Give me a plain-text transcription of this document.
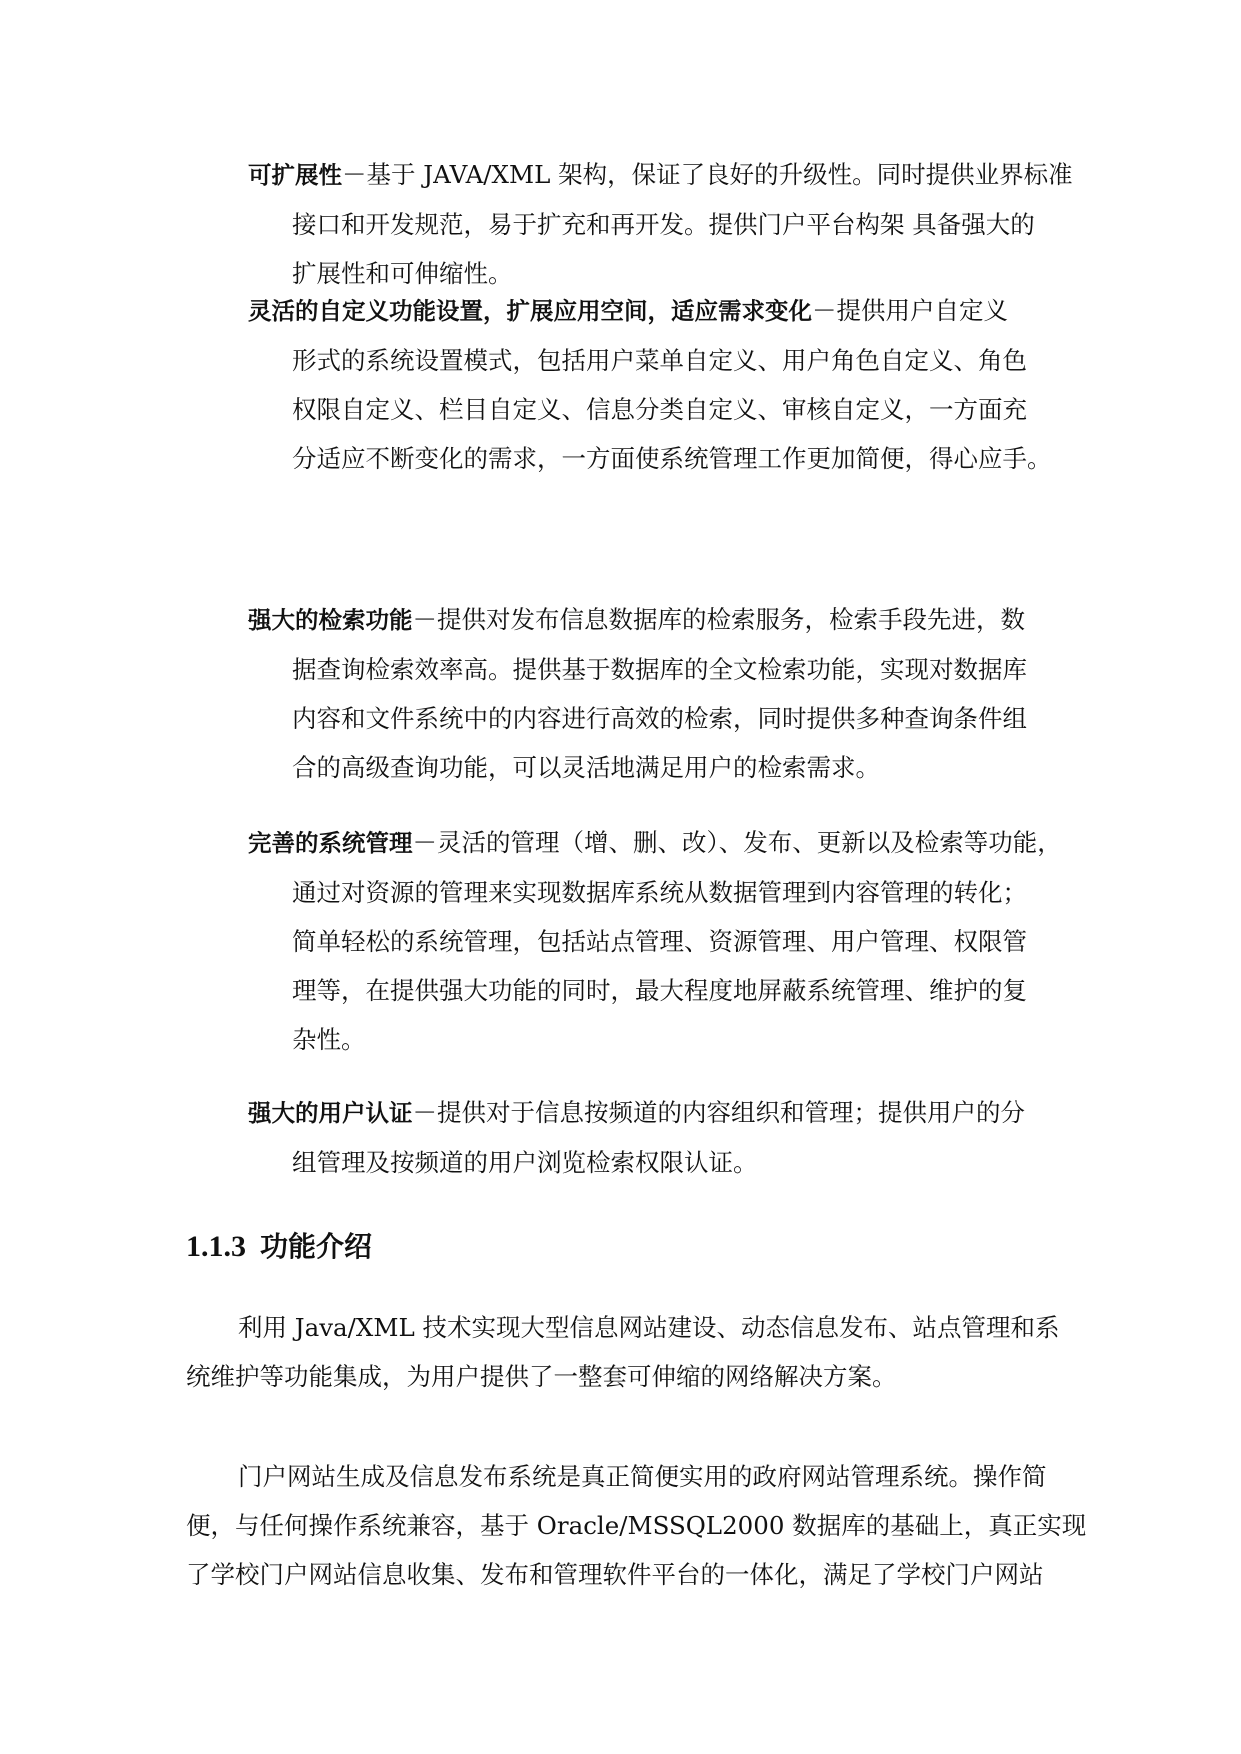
可扩展性－基于 JAVA/XML 架构，保证了良好的升级性。同时提供业界标准
接口和开发规范，易于扩充和再开发。提供门户平台构架 具备强大的
扩展性和可伸缩性。
灵活的自定义功能设置，扩展应用空间，适应需求变化－提供用户自定义
形式的系统设置模式，包括用户菜单自定义、用户角色自定义、角色
权限自定义、栏目自定义、信息分类自定义、审核自定义，一方面充
分适应不断变化的需求，一方面使系统管理工作更加简便，得心应手。
强大的检索功能－提供对发布信息数据库的检索服务，检索手段先进，数
据查询检索效率高。提供基于数据库的全文检索功能，实现对数据库
内容和文件系统中的内容进行高效的检索，同时提供多种查询条件组
合的高级查询功能，可以灵活地满足用户的检索需求。
完善的系统管理－灵活的管理（增、删、改）、发布、更新以及检索等功能，
通过对资源的管理来实现数据库系统从数据管理到内容管理的转化；
简单轻松的系统管理，包括站点管理、资源管理、用户管理、权限管
理等，在提供强大功能的同时，最大程度地屏蔽系统管理、维护的复
杂性。
强大的用户认证－提供对于信息按频道的内容组织和管理；提供用户的分
组管理及按频道的用户浏览检索权限认证。
1.1.3 功能介绍
利用 Java/XML 技术实现大型信息网站建设、动态信息发布、站点管理和系
统维护等功能集成，为用户提供了一整套可伸缩的网络解决方案。
门户网站生成及信息发布系统是真正简便实用的政府网站管理系统。操作简
便，与任何操作系统兼容，基于 Oracle/MSSQL2000 数据库的基础上，真正实现
了学校门户网站信息收集、发布和管理软件平台的一体化，满足了学校门户网站
